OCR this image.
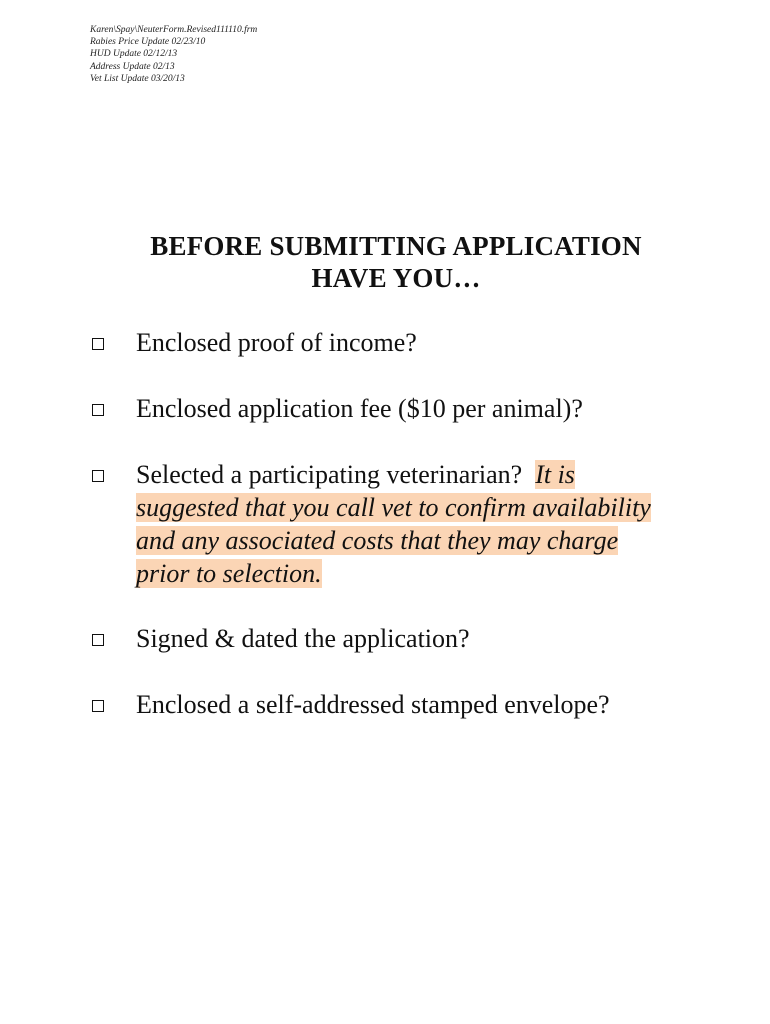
Karen\Spay\NeuterForm.Revised111110.frm
Rabies Price Update 02/23/10
HUD Update 02/12/13
Address Update 02/13
Vet List Update 03/20/13
BEFORE SUBMITTING APPLICATION
HAVE YOU…
Enclosed proof of income?
Enclosed application fee ($10 per animal)?
Selected a participating veterinarian? It is
suggested that you call vet to confirm availability
and any associated costs that they may charge
prior to selection.
Signed & dated the application?
Enclosed a self-addressed stamped envelope?
